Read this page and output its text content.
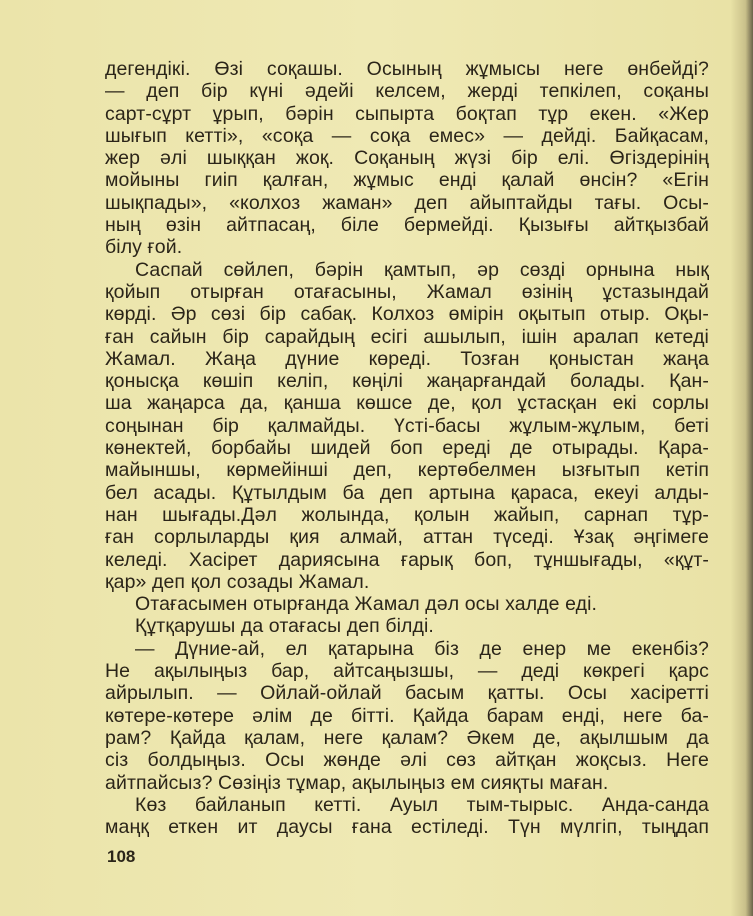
дегендікі. Өзі соқашы. Осының жұмысы неге өнбейді?
— деп бір күні әдейі келсем, жерді тепкілеп, соқаны
сарт-сұрт ұрып, бәрін сыпырта боқтап тұр екен. «Жер
шығып кетті», «соқа — соқа емес» — дейді. Байқасам,
жер әлі шыққан жоқ. Соқаның жүзі бір елі. Өгіздерінің
мойыны гиіп қалған, жұмыс енді қалай өнсін? «Егін
шықпады», «колхоз жаман» деп айыптайды тағы. Осы-
ның өзін айтпасаң, біле бермейді. Қызығы айтқызбай
білу ғой.
Саспай сөйлеп, бәрін қамтып, әр сөзді орнына нық
қойып отырған отағасыны, Жамал өзінің ұстазындай
көрді. Әр сөзі бір сабақ. Колхоз өмірін оқытып отыр. Оқы-
ған сайын бір сарайдың есігі ашылып, ішін аралап кетеді
Жамал. Жаңа дүние көреді. Тозған қоныстан жаңа
қонысқа көшіп келіп, көңілі жаңарғандай болады. Қан-
ша жаңарса да, қанша көшсе де, қол ұстасқан екі сорлы
соңынан бір қалмайды. Үсті-басы жұлым-жұлым, беті
көнектей, борбайы шидей боп ереді де отырады. Қара-
майыншы, көрмейінші деп, кертөбелмен ызғытып кетіп
бел асады. Құтылдым ба деп артына қараса, екеуі алды-
нан шығады.Дәл жолында, қолын жайып, сарнап тұр-
ған сорлыларды қия алмай, аттан түседі. Ұзақ әңгімеге
келеді. Хасірет дариясына ғарық боп, тұншығады, «құт-
қар» деп қол созады Жамал.
Отағасымен отырғанда Жамал дәл осы халде еді.
Құтқарушы да отағасы деп білді.
— Дүние-ай, ел қатарына біз де енер ме екенбіз?
Не ақылыңыз бар, айтсаңызшы, — деді көкрегі қарс
айрылып. — Ойлай-ойлай басым қатты. Осы хасіретті
көтере-көтере әлім де бітті. Қайда барам енді, неге ба-
рам? Қайда қалам, неге қалам? Әкем де, ақылшым да
сіз болдыңыз. Осы жөнде әлі сөз айтқан жоқсыз. Неге
айтпайсыз? Сөзіңіз тұмар, ақылыңыз ем сияқты маған.
Көз байланып кетті. Ауыл тым-тырыс. Анда-санда
маңқ еткен ит даусы ғана естіледі. Түн мүлгіп, тыңдап
108
